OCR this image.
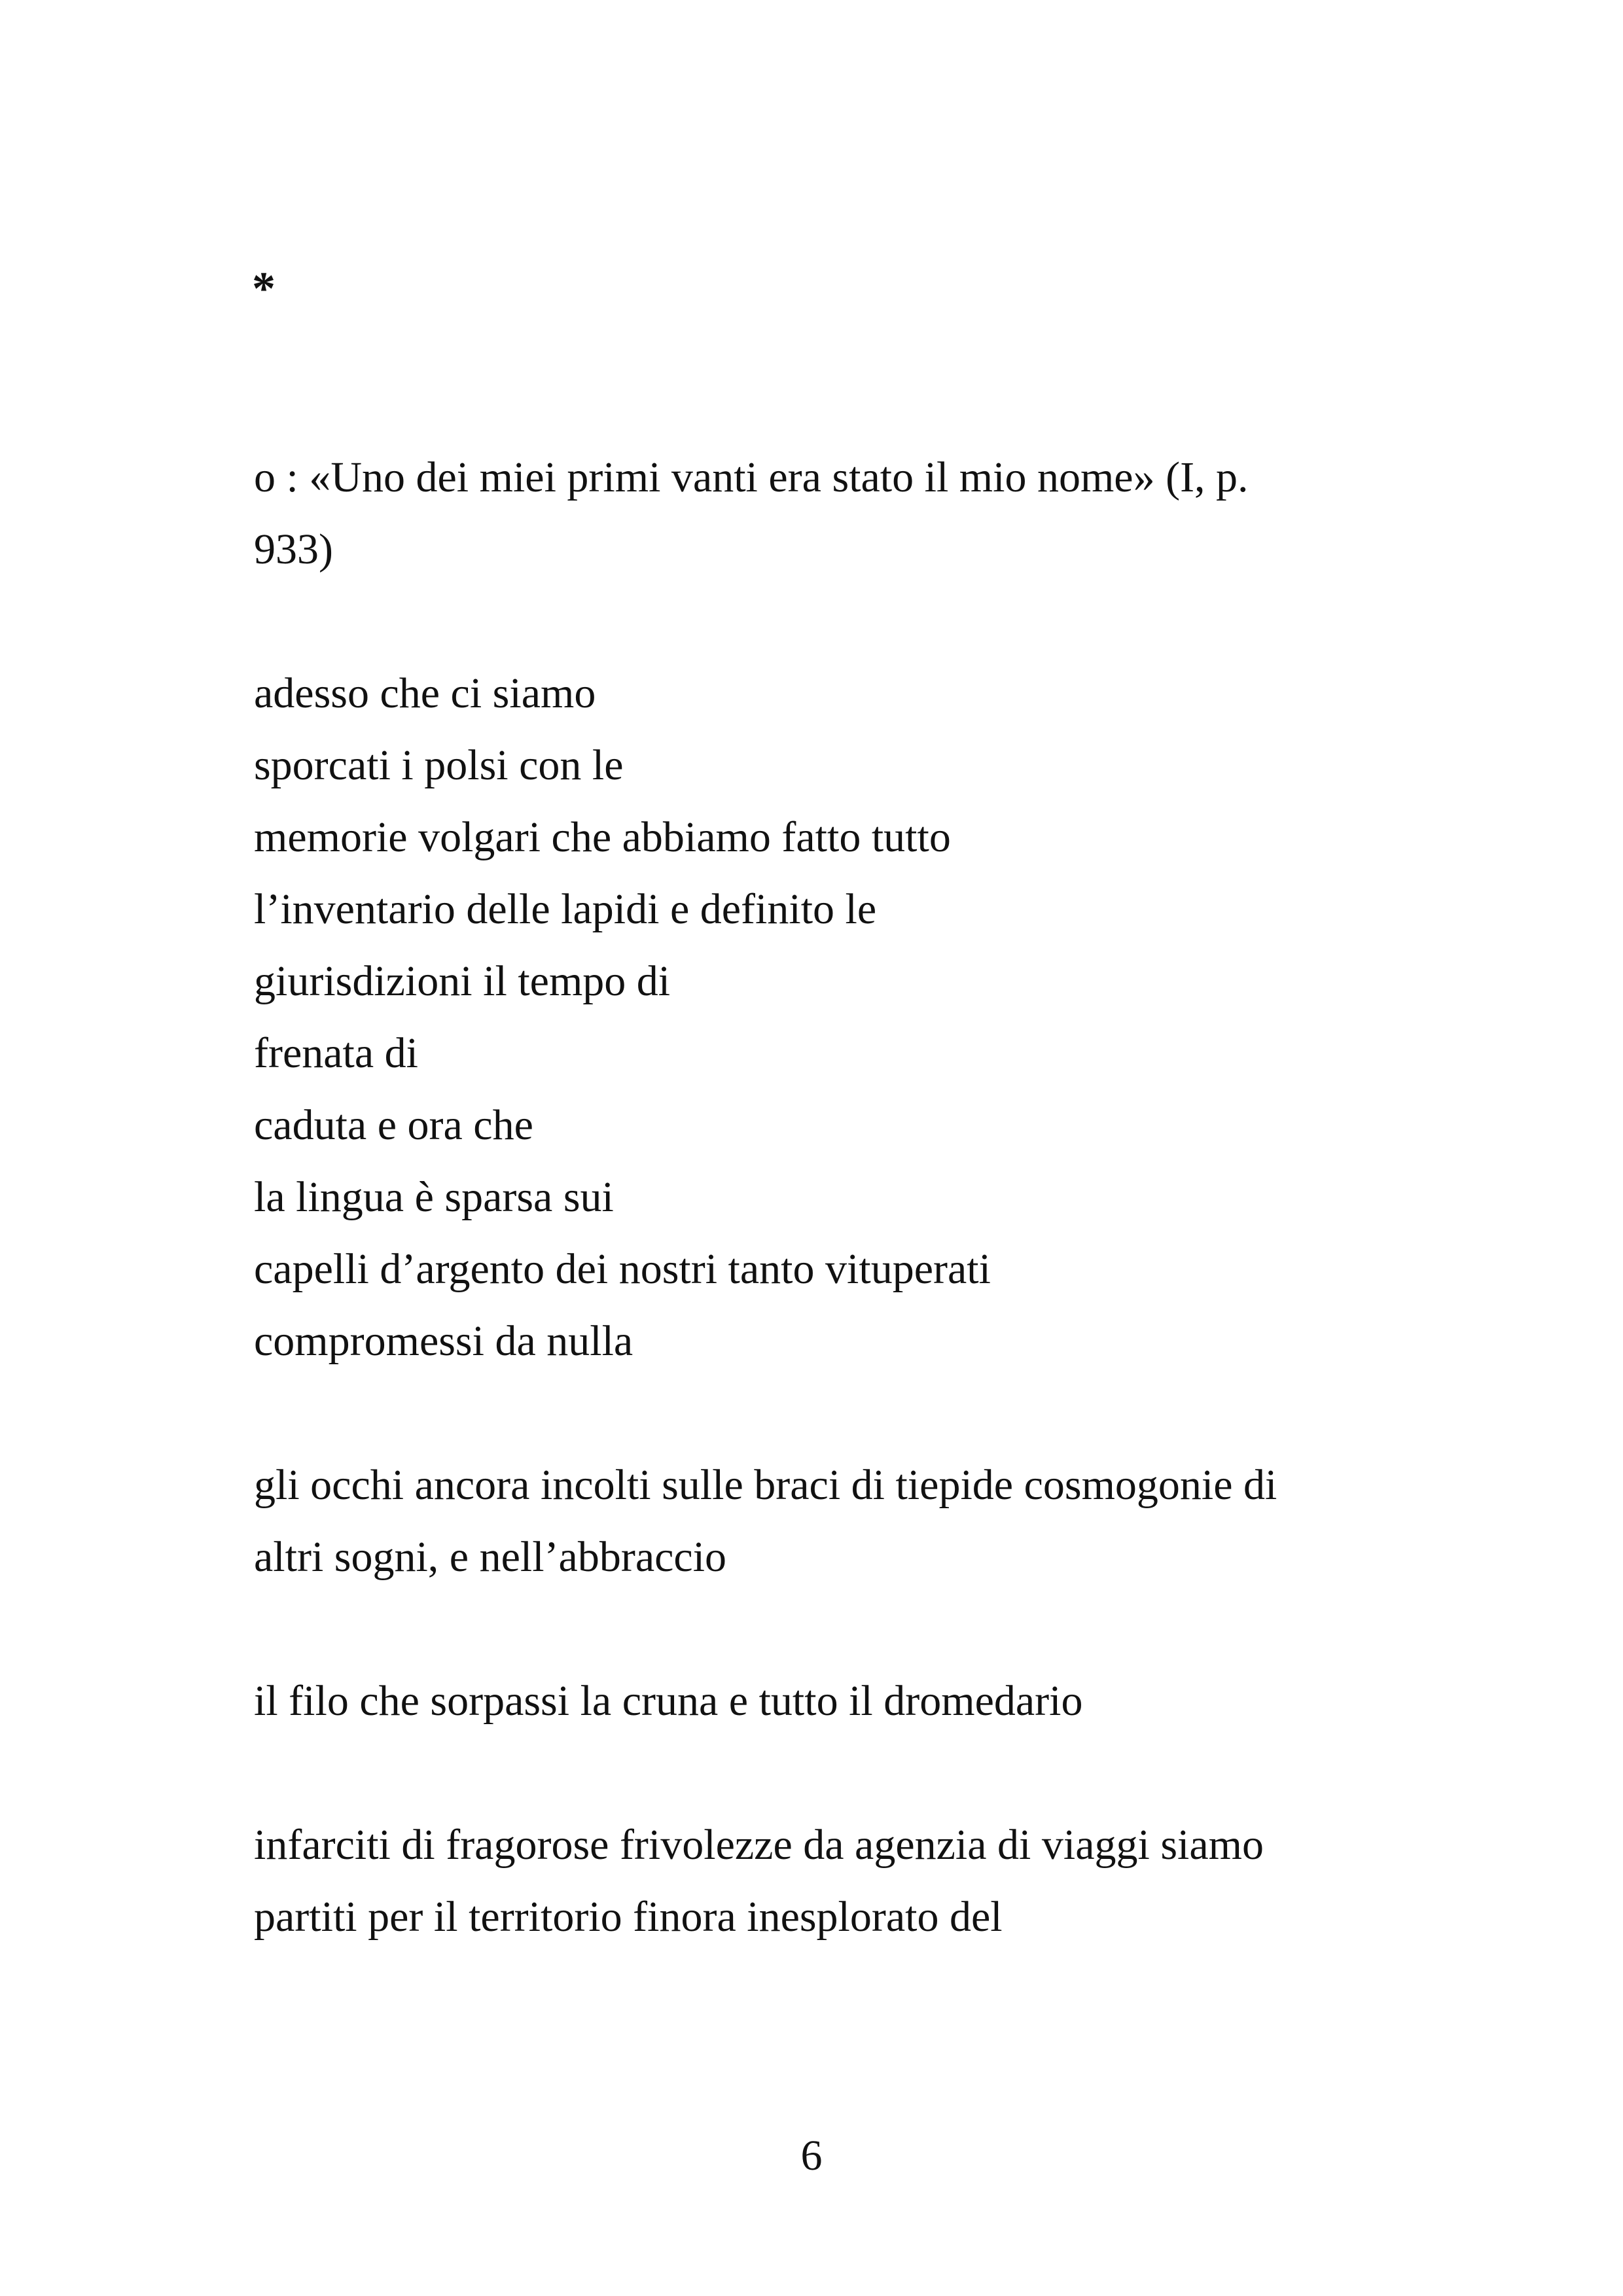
*
o : «Uno dei miei primi vanti era stato il mio nome» (I, p.
933)
adesso che ci siamo
sporcati i polsi con le
memorie volgari che abbiamo fatto tutto
l’inventario delle lapidi e definito le
giurisdizioni il tempo di
frenata di
caduta e ora che
la lingua è sparsa sui
capelli d’argento dei nostri tanto vituperati
compromessi da nulla
gli occhi ancora incolti sulle braci di tiepide cosmogonie di
altri sogni, e nell’abbraccio
il filo che sorpassi la cruna e tutto il dromedario
infarciti di fragorose frivolezze da agenzia di viaggi siamo
partiti per il territorio finora inesplorato del
6
